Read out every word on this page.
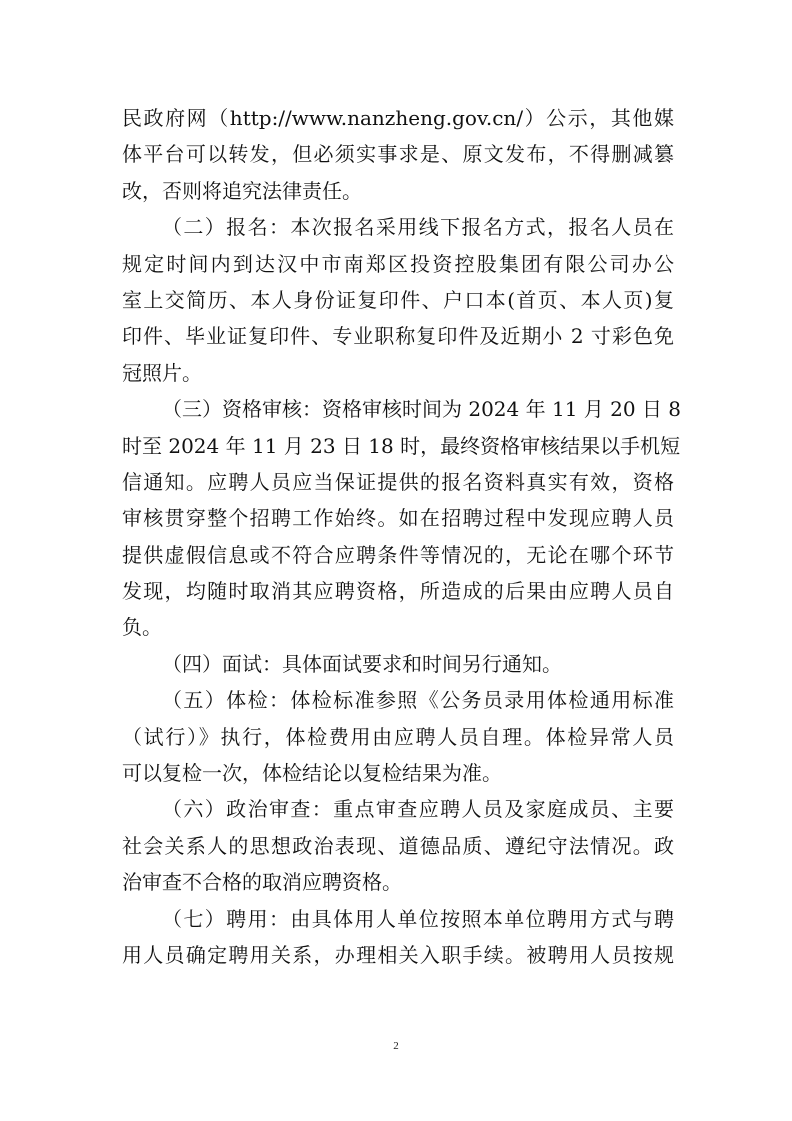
民政府网（http://www.nanzheng.gov.cn/）公示，其他媒
体平台可以转发，但必须实事求是、原文发布，不得删减篡
改，否则将追究法律责任。
（二）报名：本次报名采用线下报名方式，报名人员在
规定时间内到达汉中市南郑区投资控股集团有限公司办公
室上交简历、本人身份证复印件、户口本(首页、本人页)复
印件、毕业证复印件、专业职称复印件及近期小 2 寸彩色免
冠照片。
（三）资格审核：资格审核时间为 2024 年 11 月 20 日 8
时至 2024 年 11 月 23 日 18 时，最终资格审核结果以手机短
信通知。应聘人员应当保证提供的报名资料真实有效，资格
审核贯穿整个招聘工作始终。如在招聘过程中发现应聘人员
提供虚假信息或不符合应聘条件等情况的，无论在哪个环节
发现，均随时取消其应聘资格，所造成的后果由应聘人员自
负。
（四）面试：具体面试要求和时间另行通知。
（五）体检：体检标准参照《公务员录用体检通用标准
（试行）》执行，体检费用由应聘人员自理。体检异常人员
可以复检一次，体检结论以复检结果为准。
（六）政治审查：重点审查应聘人员及家庭成员、主要
社会关系人的思想政治表现、道德品质、遵纪守法情况。政
治审查不合格的取消应聘资格。
（七）聘用：由具体用人单位按照本单位聘用方式与聘
用人员确定聘用关系，办理相关入职手续。被聘用人员按规
2
